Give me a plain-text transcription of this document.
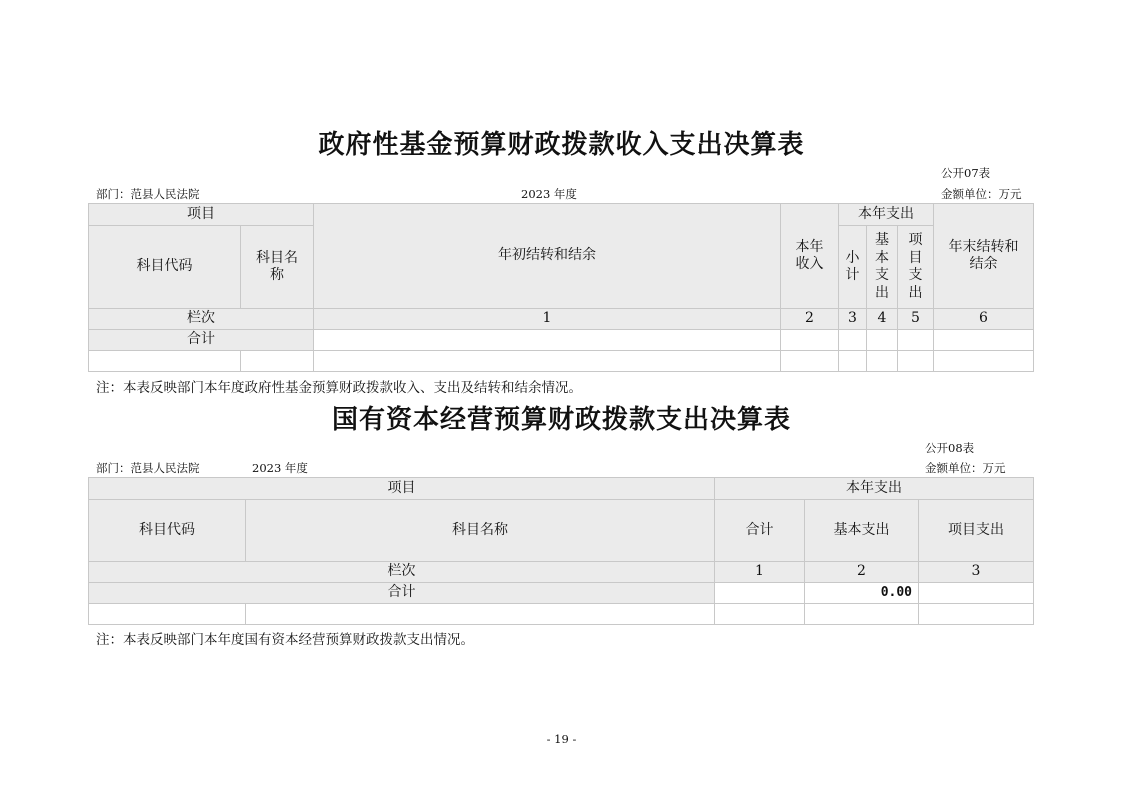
政府性基金预算财政拨款收入支出决算表
公开07表
部门：范县人民法院	2023 年度	金额单位：万元
项目		年初结转和结余	本年收入	本年支出			年末结转和结余
科目代码	科目名称			小计	基本支出	项目支出	
栏次		1	2	3	4	5	6
合计							

注：本表反映部门本年度政府性基金预算财政拨款收入、支出及结转和结余情况。
国有资本经营预算财政拨款支出决算表
公开08表
部门：范县人民法院	2023 年度	金额单位：万元
项目		本年支出		
科目代码	科目名称	合计	基本支出	项目支出
栏次		1	2	3
合计			0.00	

注：本表反映部门本年度国有资本经营预算财政拨款支出情况。
- 19 -
